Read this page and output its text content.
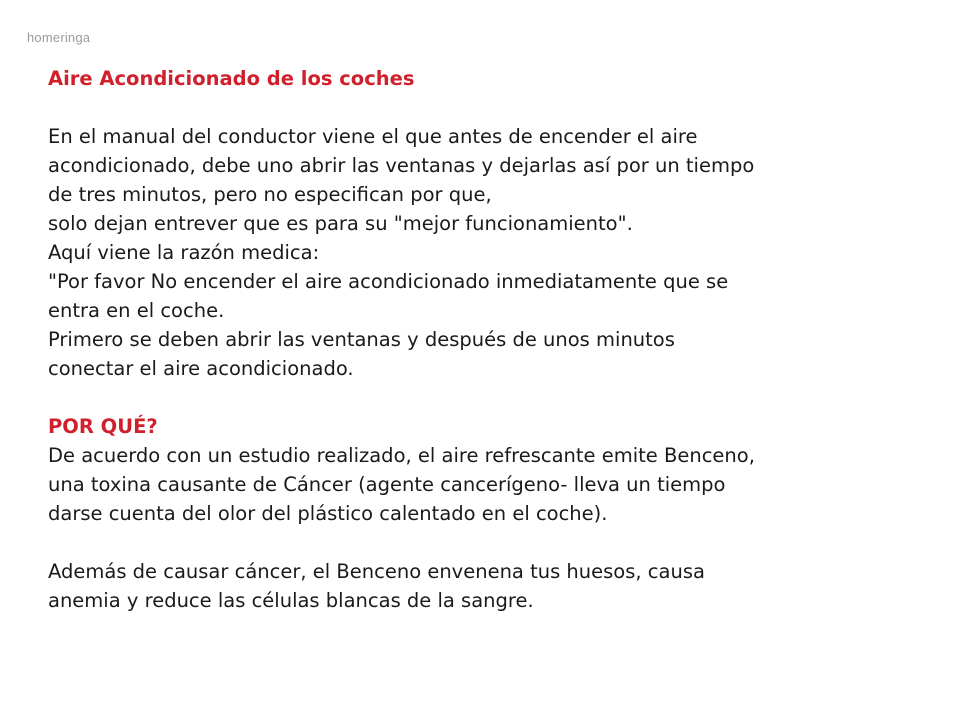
homeringa

Aire Acondicionado de los coches

En el manual del conductor viene el que antes de encender el aire

acondicionado, debe uno abrir las ventanas y dejarlas así por un tiempo

de tres minutos, pero no especifican por que,

solo dejan entrever que es para su "mejor funcionamiento".

Aquí viene la razón medica:

"Por favor No encender el aire acondicionado inmediatamente que se

entra en el coche.

Primero se deben abrir las ventanas y después de unos minutos

conectar el aire acondicionado.

POR QUÉ?

De acuerdo con un estudio realizado, el aire refrescante emite Benceno,

una toxina causante de Cáncer (agente cancerígeno- lleva un tiempo

darse cuenta del olor del plástico calentado en el coche).

Además de causar cáncer, el Benceno envenena tus huesos, causa

anemia y reduce las células blancas de la sangre.
